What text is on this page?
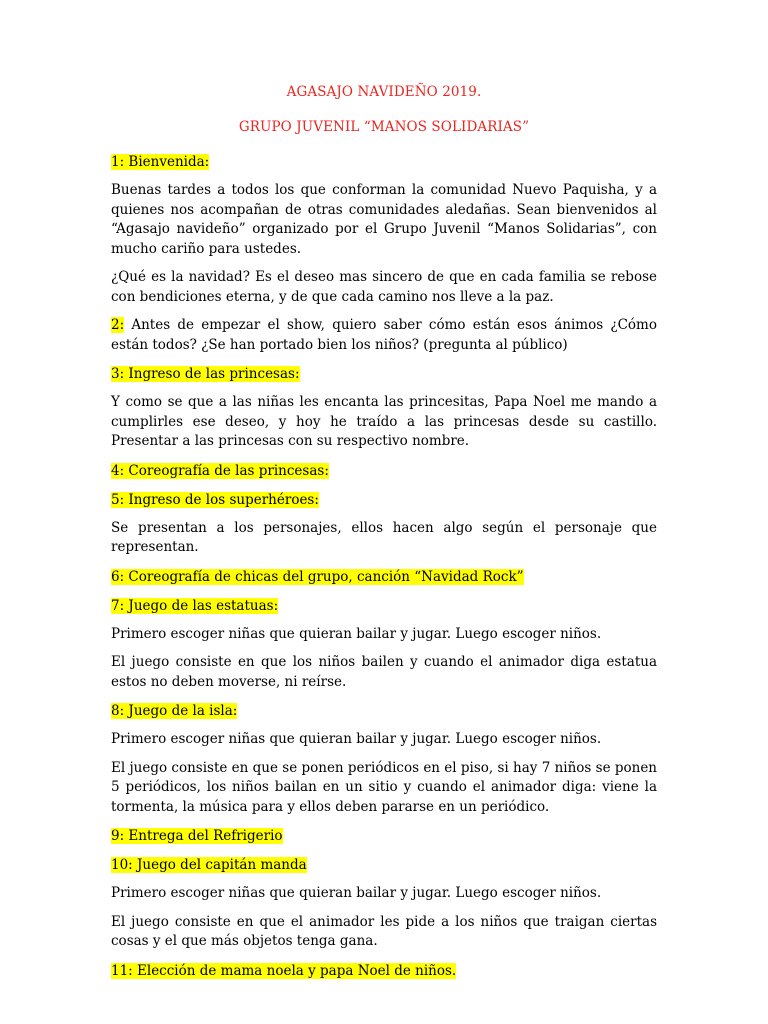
AGASAJO NAVIDEÑO 2019.
GRUPO JUVENIL “MANOS SOLIDARIAS”
1: Bienvenida:
Buenas tardes a todos los que conforman la comunidad Nuevo Paquisha, y a quienes nos acompañan de otras comunidades aledañas. Sean bienvenidos al “Agasajo navideño” organizado por el Grupo Juvenil “Manos Solidarias”, con mucho cariño para ustedes.
¿Qué es la navidad? Es el deseo mas sincero de que en cada familia se rebose con bendiciones eterna, y de que cada camino nos lleve a la paz.
2: Antes de empezar el show, quiero saber cómo están esos ánimos ¿Cómo están todos? ¿Se han portado bien los niños? (pregunta al público)
3: Ingreso de las princesas:
Y como se que a las niñas les encanta las princesitas, Papa Noel me mando a cumplirles ese deseo, y hoy he traído a las princesas desde su castillo. Presentar a las princesas con su respectivo nombre.
4: Coreografía de las princesas:
5: Ingreso de los superhéroes:
Se presentan a los personajes, ellos hacen algo según el personaje que representan.
6: Coreografía de chicas del grupo, canción “Navidad Rock”
7: Juego de las estatuas:
Primero escoger niñas que quieran bailar y jugar. Luego escoger niños.
El juego consiste en que los niños bailen y cuando el animador diga estatua estos no deben moverse, ni reírse.
8: Juego de la isla:
Primero escoger niñas que quieran bailar y jugar. Luego escoger niños.
El juego consiste en que se ponen periódicos en el piso, si hay 7 niños se ponen 5 periódicos, los niños bailan en un sitio y cuando el animador diga: viene la tormenta, la música para y ellos deben pararse en un periódico.
9: Entrega del Refrigerio
10: Juego del capitán manda
Primero escoger niñas que quieran bailar y jugar. Luego escoger niños.
El juego consiste en que el animador les pide a los niños que traigan ciertas cosas y el que más objetos tenga gana.
11: Elección de mama noela y papa Noel de niños.
